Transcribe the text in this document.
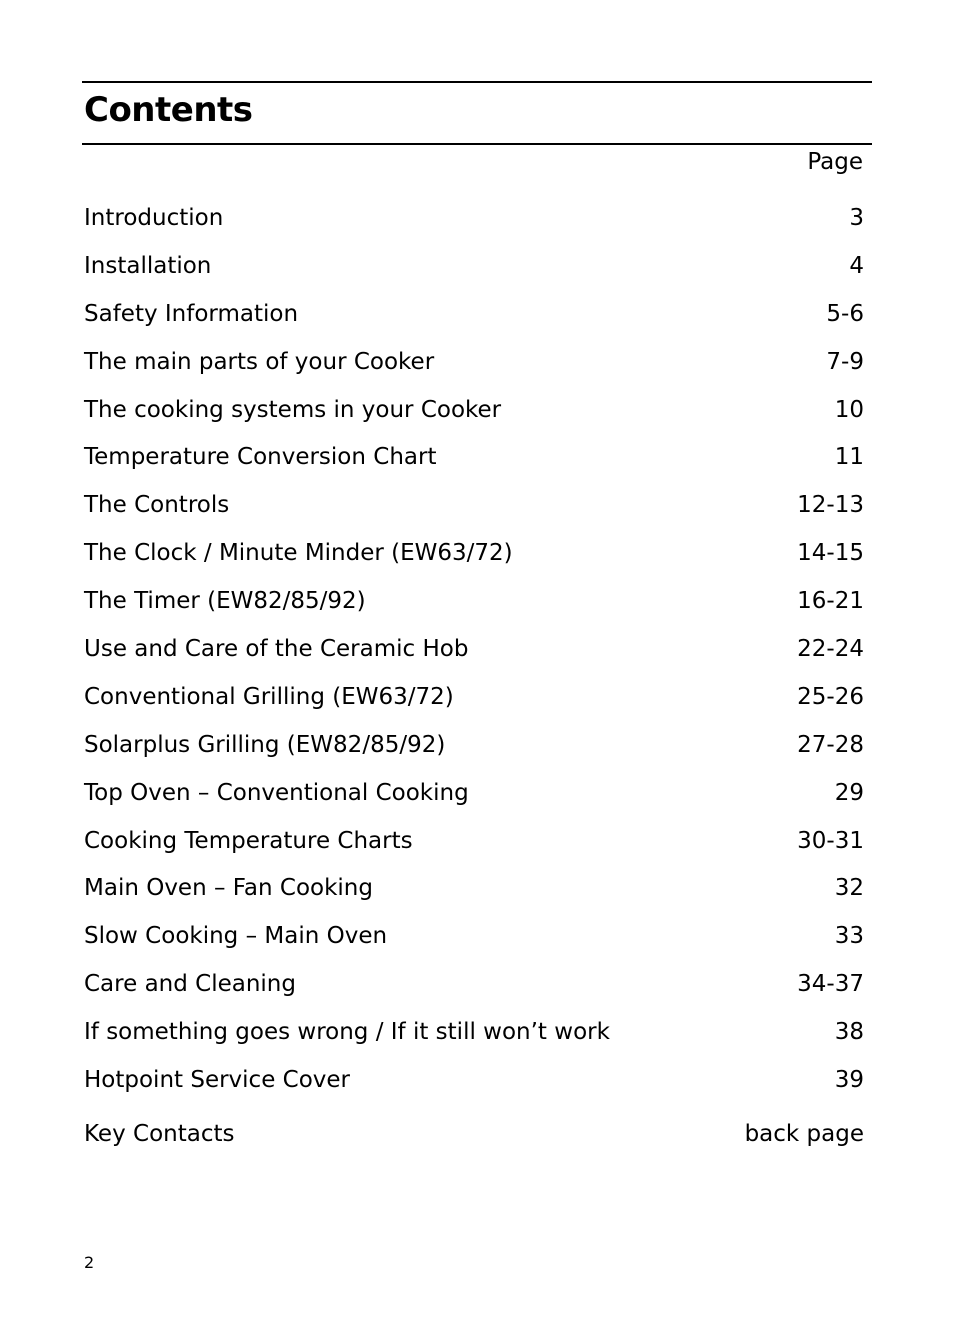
Contents
Page
Introduction	3
Installation	4
Safety Information	5-6
The main parts of your Cooker	7-9
The cooking systems in your Cooker	10
Temperature Conversion Chart	11
The Controls	12-13
The Clock / Minute Minder (EW63/72)	14-15
The Timer (EW82/85/92)	16-21
Use and Care of the Ceramic Hob	22-24
Conventional Grilling (EW63/72)	25-26
Solarplus Grilling (EW82/85/92)	27-28
Top Oven – Conventional Cooking	29
Cooking Temperature Charts	30-31
Main Oven – Fan Cooking	32
Slow Cooking – Main Oven	33
Care and Cleaning	34-37
If something goes wrong / If it still won’t work	38
Hotpoint Service Cover	39
Key Contacts	back page
2
